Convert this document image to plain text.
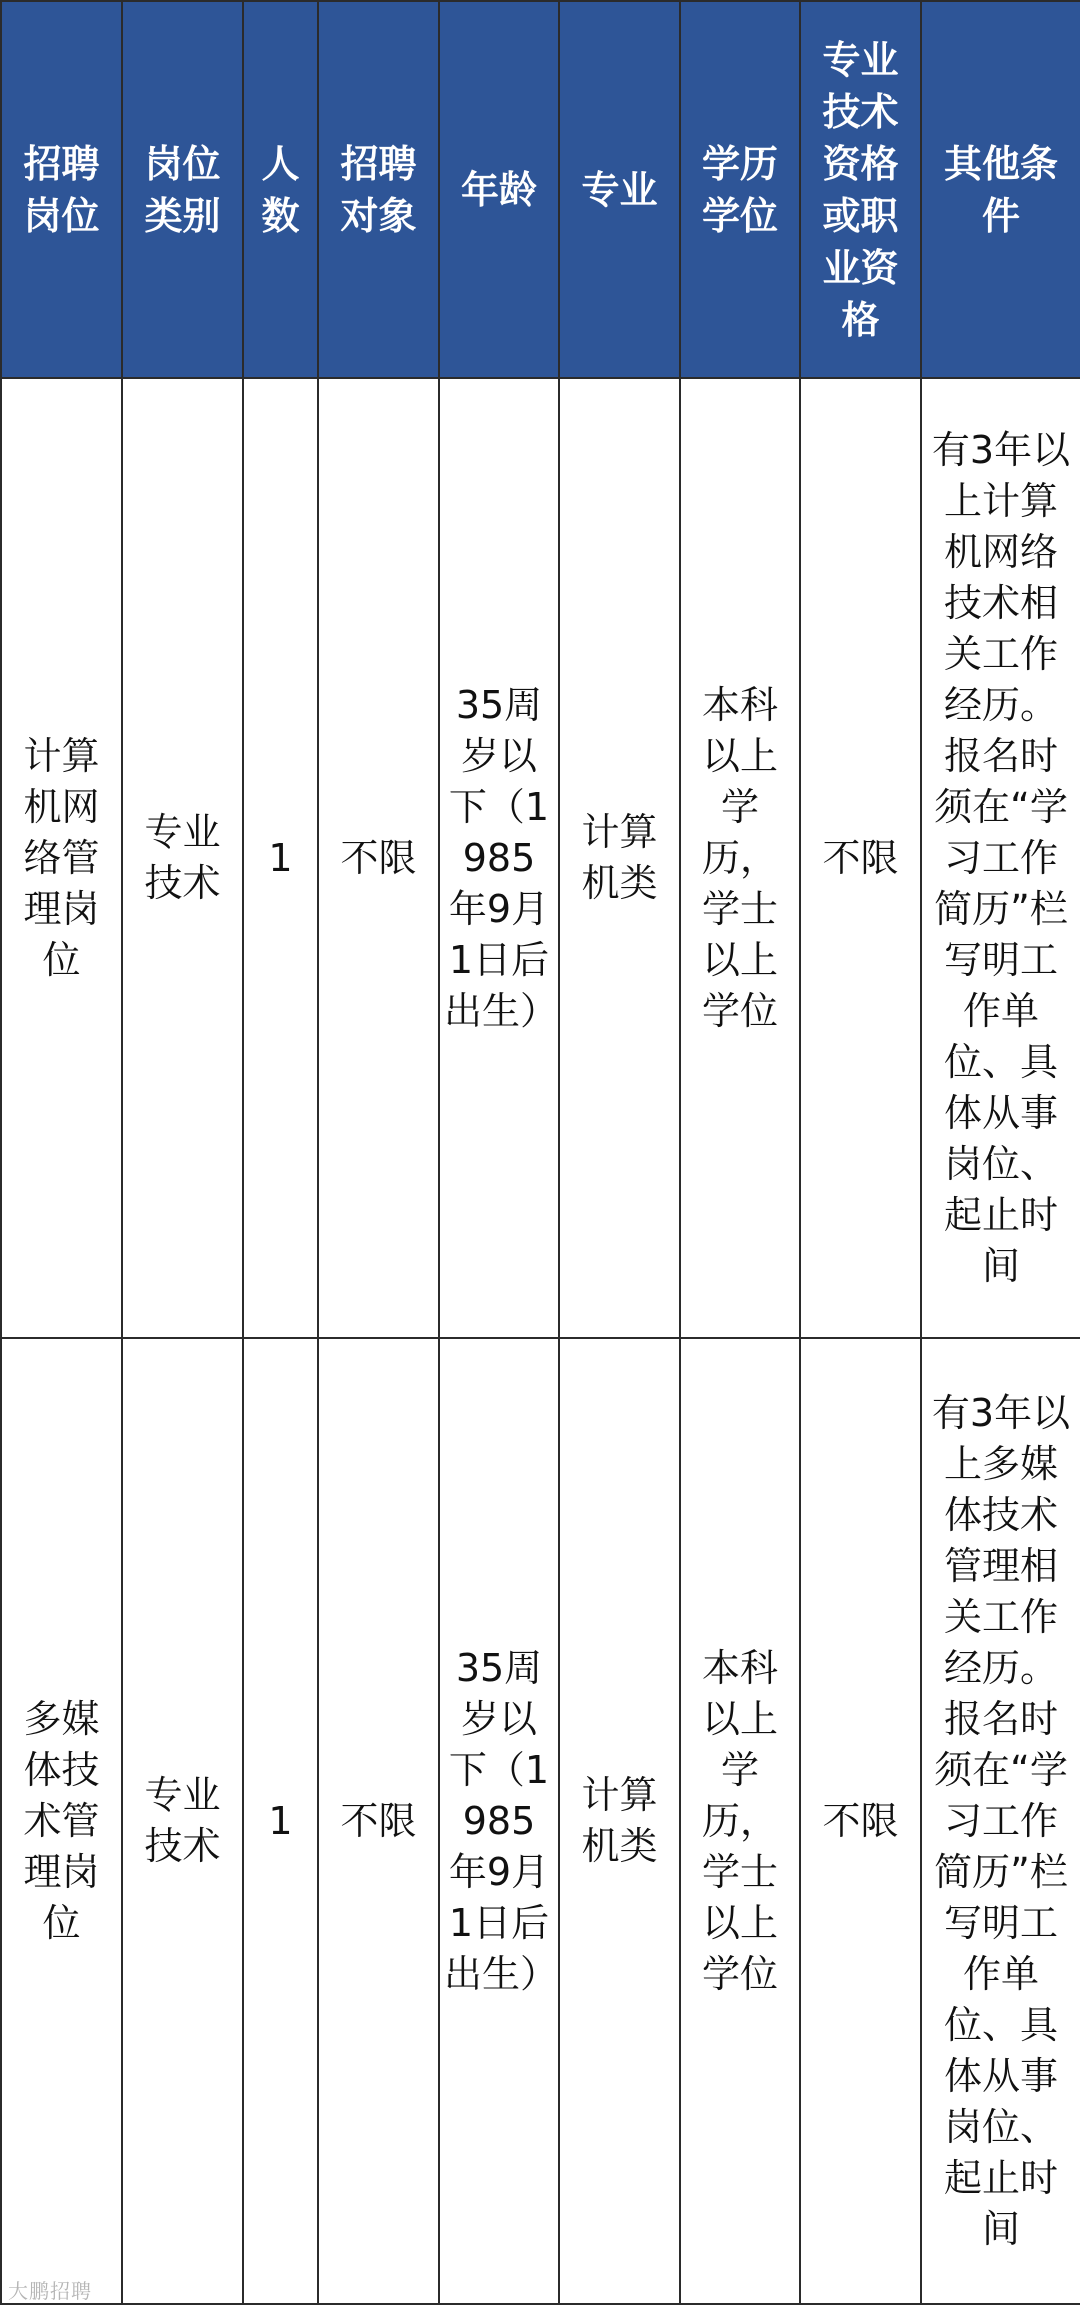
招聘岗位	岗位类别	人数	招聘对象	年龄	专业	学历学位	专业技术资格或职业资格	其他条件
计算机网络管理岗位	专业技术	1	不限	35周岁以下（1985年9月1日后出生）	计算机类	本科以上学历，学士以上学位	不限	有3年以上计算机网络技术相关工作经历。报名时须在“学习工作简历”栏写明工作单位、具体从事岗位、起止时间
多媒体技术管理岗位	专业技术	1	不限	35周岁以下（1985年9月1日后出生）	计算机类	本科以上学历，学士以上学位	不限	有3年以上多媒体技术管理相关工作经历。报名时须在“学习工作简历”栏写明工作单位、具体从事岗位、起止时间
大鹏招聘
